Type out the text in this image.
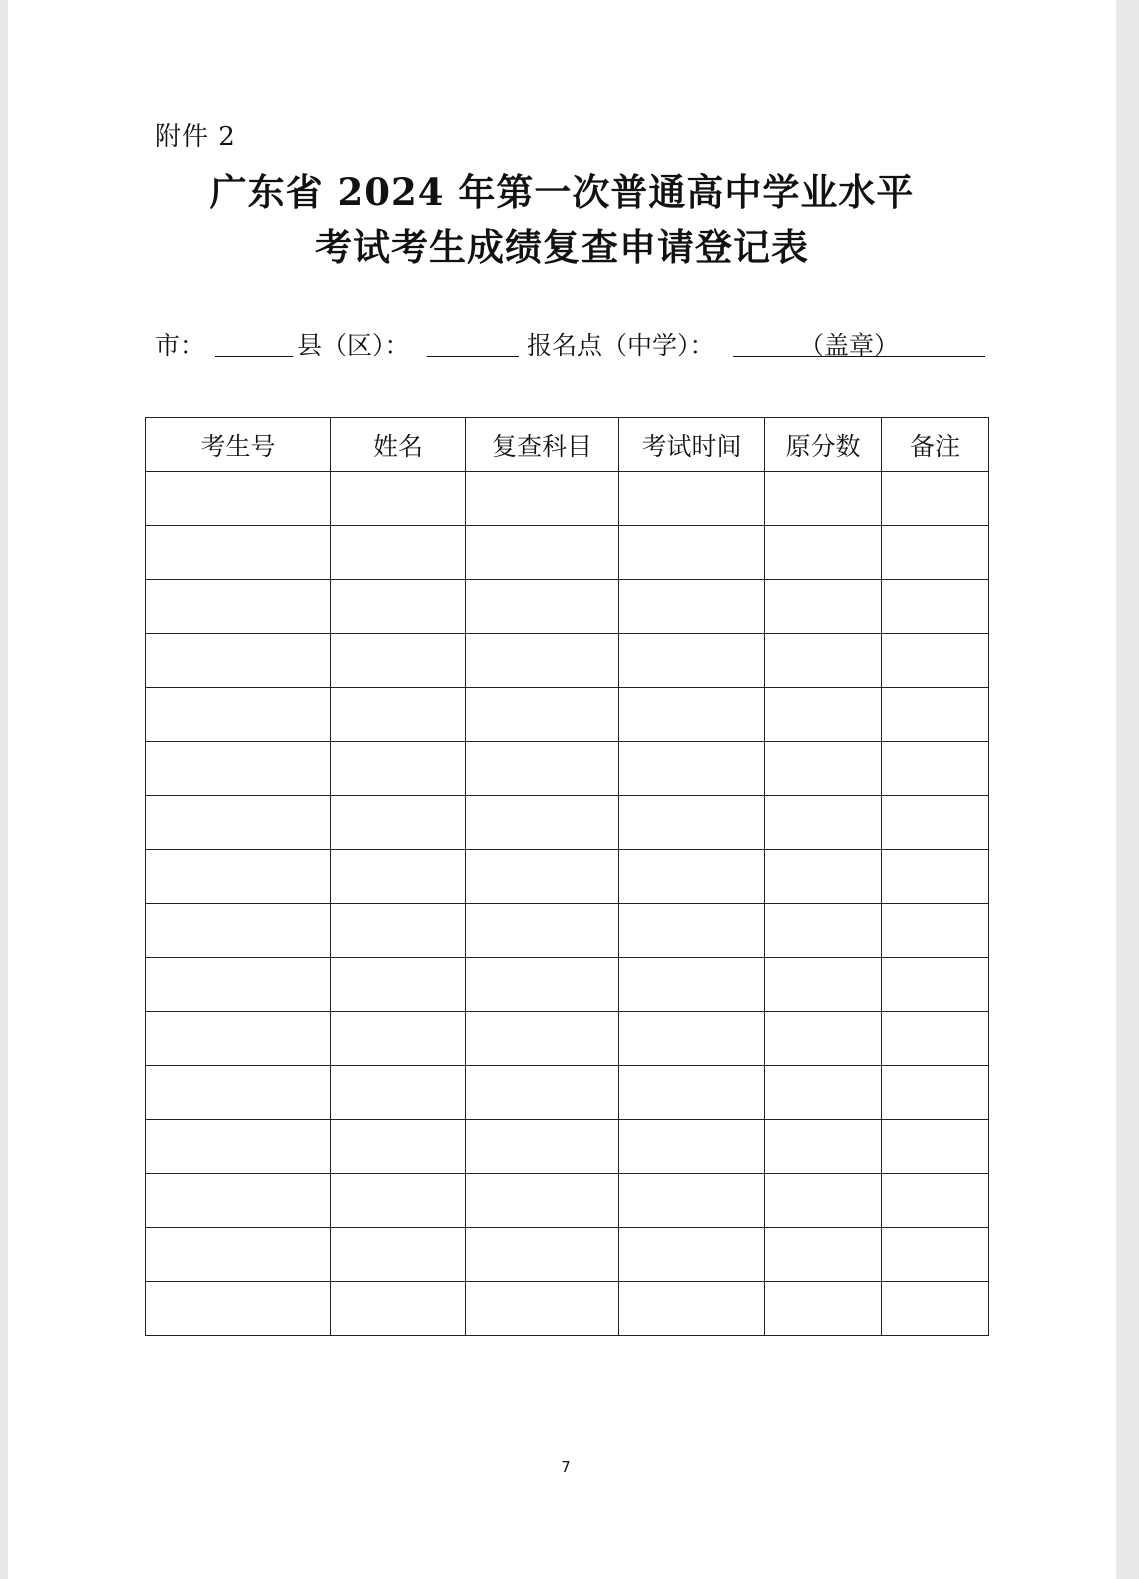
附件 2
广东省 2024 年第一次普通高中学业水平
考试考生成绩复查申请登记表
市：	县（区）：	报名点（中学）：	（盖章）
考生号	姓名	复查科目	考试时间	原分数	备注

7
